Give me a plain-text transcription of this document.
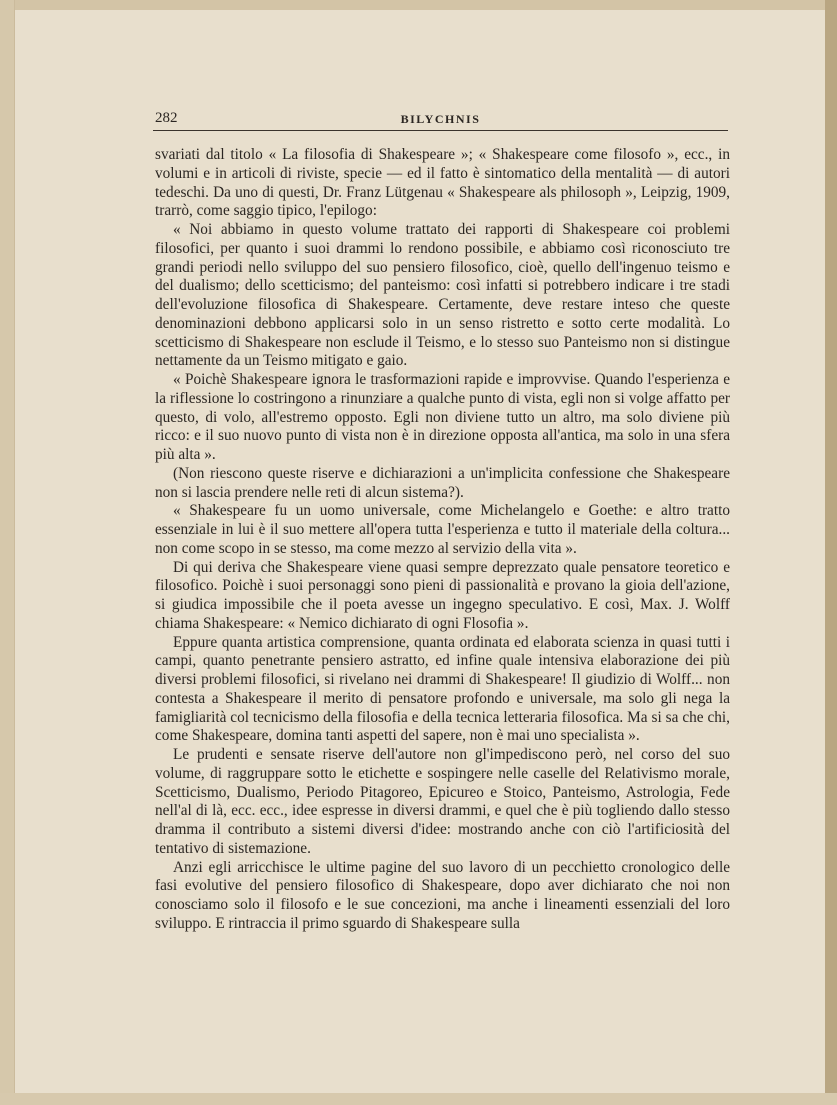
282	BILYCHNIS

svariati dal titolo « La filosofia di Shakespeare »; « Shakespeare come filosofo », ecc., in volumi e in articoli di riviste, specie — ed il fatto è sintomatico della mentalità — di autori tedeschi. Da uno di questi, Dr. Franz Lütgenau « Shakespeare als philosoph », Leipzig, 1909, trarrò, come saggio tipico, l'epilogo:

« Noi abbiamo in questo volume trattato dei rapporti di Shakespeare coi problemi filosofici, per quanto i suoi drammi lo rendono possibile, e abbiamo così riconosciuto tre grandi periodi nello sviluppo del suo pensiero filosofico, cioè, quello dell'ingenuo teismo e del dualismo; dello scetticismo; del panteismo: così infatti si potrebbero indicare i tre stadi dell'evoluzione filosofica di Shakespeare. Certamente, deve restare inteso che queste denominazioni debbono applicarsi solo in un senso ristretto e sotto certe modalità. Lo scetticismo di Shakespeare non esclude il Teismo, e lo stesso suo Panteismo non si distingue nettamente da un Teismo mitigato e gaio.

« Poichè Shakespeare ignora le trasformazioni rapide e improvvise. Quando l'esperienza e la riflessione lo costringono a rinunziare a qualche punto di vista, egli non si volge affatto per questo, di volo, all'estremo opposto. Egli non diviene tutto un altro, ma solo diviene più ricco: e il suo nuovo punto di vista non è in direzione opposta all'antica, ma solo in una sfera più alta ».

(Non riescono queste riserve e dichiarazioni a un'implicita confessione che Shakespeare non si lascia prendere nelle reti di alcun sistema?).

« Shakespeare fu un uomo universale, come Michelangelo e Goethe: e altro tratto essenziale in lui è il suo mettere all'opera tutta l'esperienza e tutto il materiale della coltura... non come scopo in se stesso, ma come mezzo al servizio della vita ».

Di qui deriva che Shakespeare viene quasi sempre deprezzato quale pensatore teoretico e filosofico. Poichè i suoi personaggi sono pieni di passionalità e provano la gioia dell'azione, si giudica impossibile che il poeta avesse un ingegno speculativo. E così, Max. J. Wolff chiama Shakespeare: « Nemico dichiarato di ogni Flosofia ».

Eppure quanta artistica comprensione, quanta ordinata ed elaborata scienza in quasi tutti i campi, quanto penetrante pensiero astratto, ed infine quale intensiva elaborazione dei più diversi problemi filosofici, si rivelano nei drammi di Shakespeare! Il giudizio di Wolff... non contesta a Shakespeare il merito di pensatore profondo e universale, ma solo gli nega la famigliarità col tecnicismo della filosofia e della tecnica letteraria filosofica. Ma si sa che chi, come Shakespeare, domina tanti aspetti del sapere, non è mai uno specialista ».

Le prudenti e sensate riserve dell'autore non gl'impediscono però, nel corso del suo volume, di raggruppare sotto le etichette e sospingere nelle caselle del Relativismo morale, Scetticismo, Dualismo, Periodo Pitagoreo, Epicureo e Stoico, Panteismo, Astrologia, Fede nell'al di là, ecc. ecc., idee espresse in diversi drammi, e quel che è più togliendo dallo stesso dramma il contributo a sistemi diversi d'idee: mostrando anche con ciò l'artificiosità del tentativo di sistemazione.

Anzi egli arricchisce le ultime pagine del suo lavoro di un pecchietto cronologico delle fasi evolutive del pensiero filosofico di Shakespeare, dopo aver dichiarato che noi non conosciamo solo il filosofo e le sue concezioni, ma anche i lineamenti essenziali del loro sviluppo. E rintraccia il primo sguardo di Shakespeare sulla
